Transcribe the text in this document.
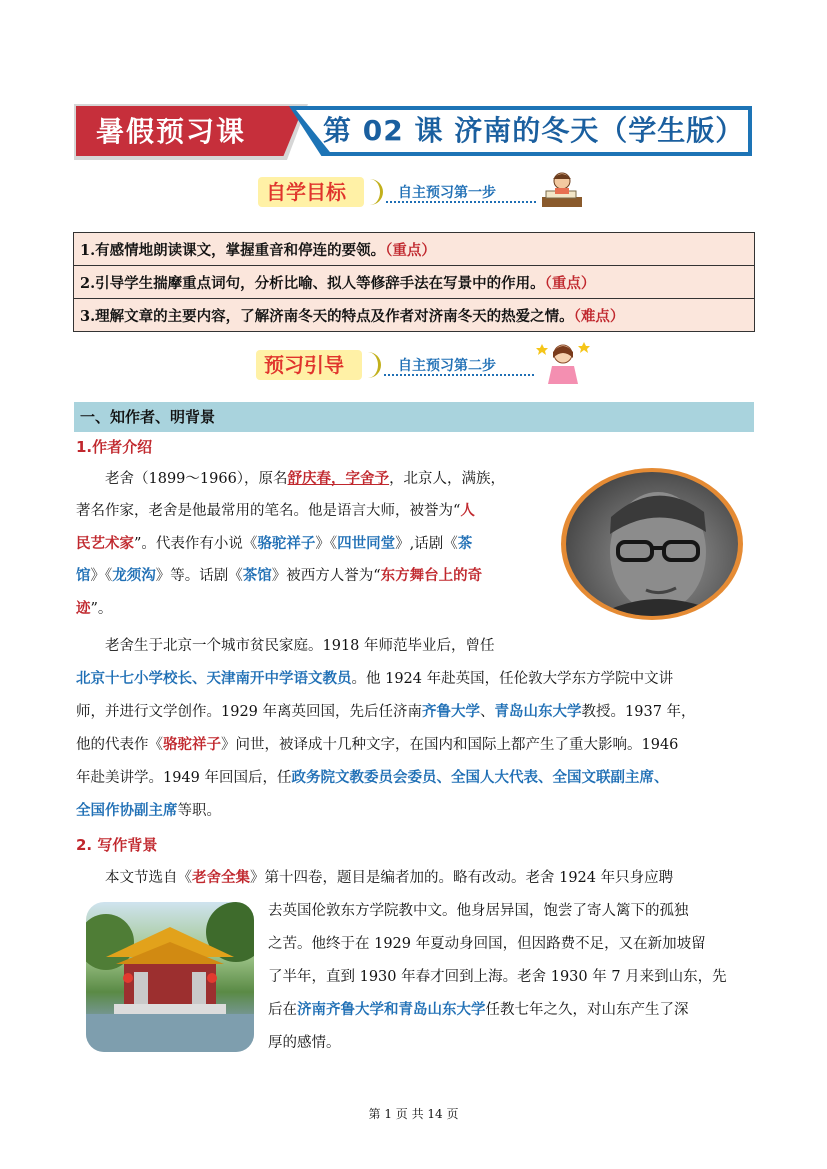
暑假预习课	第 02 课 济南的冬天（学生版）
自学目标	自主预习第一步
1.有感情地朗读课文，掌握重音和停连的要领。（重点）
2.引导学生揣摩重点词句，分析比喻、拟人等修辞手法在写景中的作用。（重点）
3.理解文章的主要内容，了解济南冬天的特点及作者对济南冬天的热爱之情。（难点）
预习引导	自主预习第二步
一、知作者、明背景
1.作者介绍
老舍（1899～1966），原名舒庆春，字舍予，北京人，满族，
著名作家，老舍是他最常用的笔名。他是语言大师，被誉为“人
民艺术家”。代表作有小说《骆驼祥子》《四世同堂》,话剧《茶
馆》《龙须沟》等。话剧《茶馆》被西方人誉为“东方舞台上的奇
迹”。
老舍生于北京一个城市贫民家庭。1918 年师范毕业后，曾任
北京十七小学校长、天津南开中学语文教员。他 1924 年赴英国，任伦敦大学东方学院中文讲
师，并进行文学创作。1929 年离英回国，先后任济南齐鲁大学、青岛山东大学教授。1937 年，
他的代表作《骆驼祥子》问世，被译成十几种文字，在国内和国际上都产生了重大影响。1946
年赴美讲学。1949 年回国后，任政务院文教委员会委员、全国人大代表、全国文联副主席、
全国作协副主席等职。
2. 写作背景
本文节选自《老舍全集》第十四卷，题目是编者加的。略有改动。老舍 1924 年只身应聘
去英国伦敦东方学院教中文。他身居异国，饱尝了寄人篱下的孤独
之苦。他终于在 1929 年夏动身回国，但因路费不足，又在新加坡留
了半年，直到 1930 年春才回到上海。老舍 1930 年 7 月来到山东，先
后在济南齐鲁大学和青岛山东大学任教七年之久，对山东产生了深
厚的感情。
第 1 页 共 14 页
